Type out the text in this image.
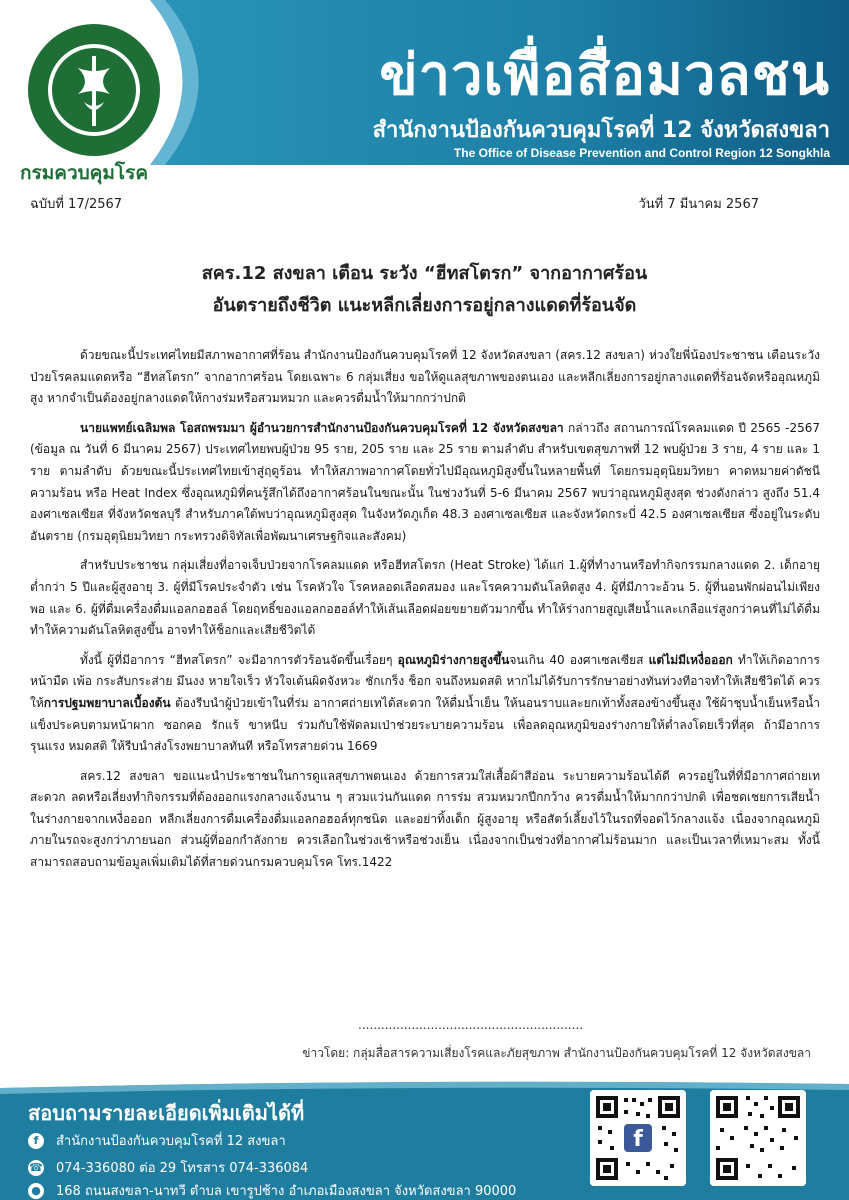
กรมควบคุมโรค
ข่าวเพื่อสื่อมวลชน
สำนักงานป้องกันควบคุมโรคที่ 12 จังหวัดสงขลา
The Office of Disease Prevention and Control Region 12 Songkhla
ฉบับที่ 17/2567	วันที่ 7 มีนาคม 2567
สคร.12 สงขลา เตือน ระวัง “ฮีทสโตรก” จากอากาศร้อน
อันตรายถึงชีวิต แนะหลีกเลี่ยงการอยู่กลางแดดที่ร้อนจัด

ด้วยขณะนี้ประเทศไทยมีสภาพอากาศที่ร้อน สำนักงานป้องกันควบคุมโรคที่ 12 จังหวัดสงขลา (สคร.12 สงขลา) ห่วงใยพี่น้องประชาชน เตือนระวังป่วยโรคลมแดดหรือ “ฮีทสโตรก” จากอากาศร้อน โดยเฉพาะ 6 กลุ่มเสี่ยง ขอให้ดูแลสุขภาพของตนเอง และหลีกเลี่ยงการอยู่กลางแดดที่ร้อนจัดหรืออุณหภูมิสูง หากจำเป็นต้องอยู่กลางแดดให้กางร่มหรือสวมหมวก และควรดื่มน้ำให้มากกว่าปกติ

นายแพทย์เฉลิมพล โอสถพรมมา ผู้อำนวยการสำนักงานป้องกันควบคุมโรคที่ 12 จังหวัดสงขลา กล่าวถึง สถานการณ์โรคลมแดด ปี 2565 -2567 (ข้อมูล ณ วันที่ 6 มีนาคม 2567) ประเทศไทยพบผู้ป่วย 95 ราย, 205 ราย และ 25 ราย ตามลำดับ สำหรับเขตสุขภาพที่ 12 พบผู้ป่วย 3 ราย, 4 ราย และ 1 ราย ตามลำดับ ด้วยขณะนี้ประเทศไทยเข้าสู่ฤดูร้อน ทำให้สภาพอากาศโดยทั่วไปมีอุณหภูมิสูงขึ้นในหลายพื้นที่ โดยกรมอุตุนิยมวิทยา คาดหมายค่าดัชนีความร้อน หรือ Heat Index ซึ่งอุณหภูมิที่คนรู้สึกได้ถึงอากาศร้อนในขณะนั้น ในช่วงวันที่ 5-6 มีนาคม 2567 พบว่าอุณหภูมิสูงสุด ช่วงดังกล่าว สูงถึง 51.4 องศาเซลเซียส ที่จังหวัดชลบุรี สำหรับภาคใต้พบว่าอุณหภูมิสูงสุด ในจังหวัดภูเก็ต 48.3 องศาเซลเซียส และจังหวัดกระบี่ 42.5 องศาเซลเซียส ซึ่งอยู่ในระดับอันตราย (กรมอุตุนิยมวิทยา กระทรวงดิจิทัลเพื่อพัฒนาเศรษฐกิจและสังคม)

สำหรับประชาชน กลุ่มเสี่ยงที่อาจเจ็บป่วยจากโรคลมแดด หรือฮีทสโตรก (Heat Stroke) ได้แก่ 1.ผู้ที่ทำงานหรือทำกิจกรรมกลางแดด 2. เด็กอายุต่ำกว่า 5 ปีและผู้สูงอายุ 3. ผู้ที่มีโรคประจำตัว เช่น โรคหัวใจ โรคหลอดเลือดสมอง และโรคความดันโลหิตสูง 4. ผู้ที่มีภาวะอ้วน 5. ผู้ที่นอนพักผ่อนไม่เพียงพอ และ 6. ผู้ที่ดื่มเครื่องดื่มแอลกอฮอล์ โดยฤทธิ์ของแอลกอฮอล์ทำให้เส้นเลือดฝอยขยายตัวมากขึ้น ทำให้ร่างกายสูญเสียน้ำและเกลือแร่สูงกว่าคนที่ไม่ได้ดื่ม ทำให้ความดันโลหิตสูงขึ้น อาจทำให้ช็อกและเสียชีวิตได้

ทั้งนี้ ผู้ที่มีอาการ “ฮีทสโตรก” จะมีอาการตัวร้อนจัดขึ้นเรื่อยๆ อุณหภูมิร่างกายสูงขึ้นจนเกิน 40 องศาเซลเซียส แต่ไม่มีเหงื่อออก ทำให้เกิดอาการหน้ามืด เพ้อ กระสับกระส่าย มึนงง หายใจเร็ว หัวใจเต้นผิดจังหวะ ชักเกร็ง ช็อก จนถึงหมดสติ หากไม่ได้รับการรักษาอย่างทันท่วงทีอาจทำให้เสียชีวิตได้ ควรให้การปฐมพยาบาลเบื้องต้น ต้องรีบนำผู้ป่วยเข้าในที่ร่ม อากาศถ่ายเทได้สะดวก ให้ดื่มน้ำเย็น ให้นอนราบและยกเท้าทั้งสองข้างขึ้นสูง ใช้ผ้าชุบน้ำเย็นหรือน้ำแข็งประคบตามหน้าผาก ซอกคอ รักแร้ ขาหนีบ ร่วมกับใช้พัดลมเป่าช่วยระบายความร้อน เพื่อลดอุณหภูมิของร่างกายให้ต่ำลงโดยเร็วที่สุด ถ้ามีอาการรุนแรง หมดสติ ให้รีบนำส่งโรงพยาบาลทันที หรือโทรสายด่วน 1669

สคร.12 สงขลา ขอแนะนำประชาชนในการดูแลสุขภาพตนเอง ด้วยการสวมใส่เสื้อผ้าสีอ่อน ระบายความร้อนได้ดี ควรอยู่ในที่ที่มีอากาศถ่ายเทสะดวก ลดหรือเลี่ยงทำกิจกรรมที่ต้องออกแรงกลางแจ้งนาน ๆ สวมแว่นกันแดด การร่ม สวมหมวกปีกกว้าง ควรดื่มน้ำให้มากกว่าปกติ เพื่อชดเชยการเสียน้ำในร่างกายจากเหงื่อออก หลีกเลี่ยงการดื่มเครื่องดื่มแอลกอฮอล์ทุกชนิด และอย่าทิ้งเด็ก ผู้สูงอายุ หรือสัตว์เลี้ยงไว้ในรถที่จอดไว้กลางแจ้ง เนื่องจากอุณหภูมิภายในรถจะสูงกว่าภายนอก ส่วนผู้ที่ออกกำลังกาย ควรเลือกในช่วงเช้าหรือช่วงเย็น เนื่องจากเป็นช่วงที่อากาศไม่ร้อนมาก และเป็นเวลาที่เหมาะสม ทั้งนี้ สามารถสอบถามข้อมูลเพิ่มเติมได้ที่สายด่วนกรมควบคุมโรค โทร.1422

...........................................................
ข่าวโดย: กลุ่มสื่อสารความเสี่ยงโรคและภัยสุขภาพ สำนักงานป้องกันควบคุมโรคที่ 12 จังหวัดสงขลา
สอบถามรายละเอียดเพิ่มเติมได้ที่
f	สำนักงานป้องกันควบคุมโรคที่ 12 สงขลา
☎ 074-336080 ต่อ 29 โทรสาร 074-336084
● 168 ถนนสงขลา-นาทวี ตำบล เขารูปช้าง อำเภอเมืองสงขลา จังหวัดสงขลา 90000
f
